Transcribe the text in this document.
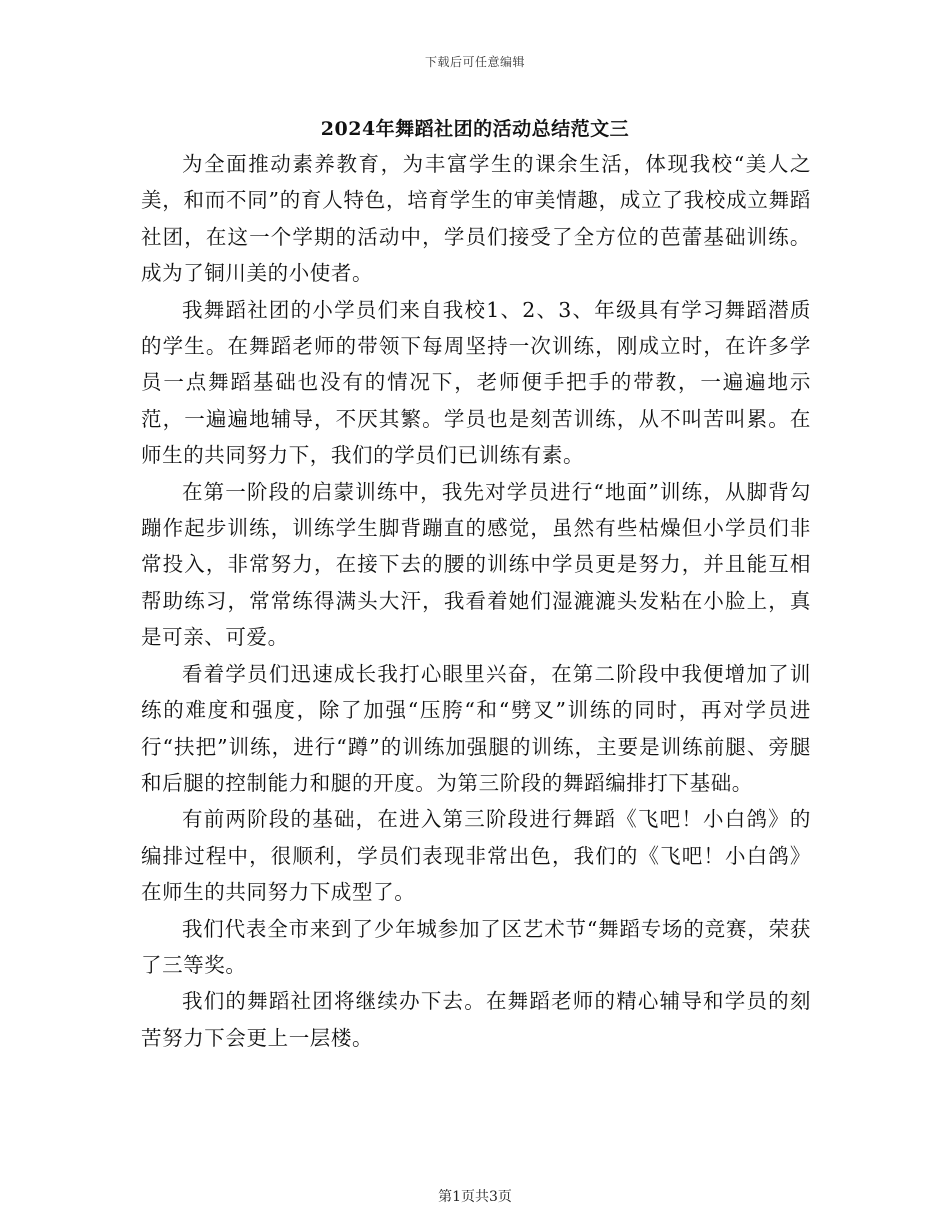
下载后可任意编辑
2024年舞蹈社团的活动总结范文三

为全面推动素养教育，为丰富学生的课余生活，体现我校“美人之美，和而不同”的育人特色，培育学生的审美情趣，成立了我校成立舞蹈社团，在这一个学期的活动中，学员们接受了全方位的芭蕾基础训练。成为了铜川美的小使者。

我舞蹈社团的小学员们来自我校1、2、3、年级具有学习舞蹈潜质的学生。在舞蹈老师的带领下每周坚持一次训练，刚成立时，在许多学员一点舞蹈基础也没有的情况下，老师便手把手的带教，一遍遍地示范，一遍遍地辅导，不厌其繁。学员也是刻苦训练，从不叫苦叫累。在师生的共同努力下，我们的学员们已训练有素。

在第一阶段的启蒙训练中，我先对学员进行“地面”训练，从脚背勾蹦作起步训练，训练学生脚背蹦直的感觉，虽然有些枯燥但小学员们非常投入，非常努力，在接下去的腰的训练中学员更是努力，并且能互相帮助练习，常常练得满头大汗，我看着她们湿漉漉头发粘在小脸上，真是可亲、可爱。

看着学员们迅速成长我打心眼里兴奋，在第二阶段中我便增加了训练的难度和强度，除了加强“压胯“和“劈叉”训练的同时，再对学员进行“扶把”训练，进行“蹲”的训练加强腿的训练，主要是训练前腿、旁腿和后腿的控制能力和腿的开度。为第三阶段的舞蹈编排打下基础。

有前两阶段的基础，在进入第三阶段进行舞蹈《飞吧！小白鸽》的编排过程中，很顺利，学员们表现非常出色，我们的《飞吧！小白鸽》在师生的共同努力下成型了。

我们代表全市来到了少年城参加了区艺术节“舞蹈专场的竞赛，荣获了三等奖。

我们的舞蹈社团将继续办下去。在舞蹈老师的精心辅导和学员的刻苦努力下会更上一层楼。

第1页共3页
